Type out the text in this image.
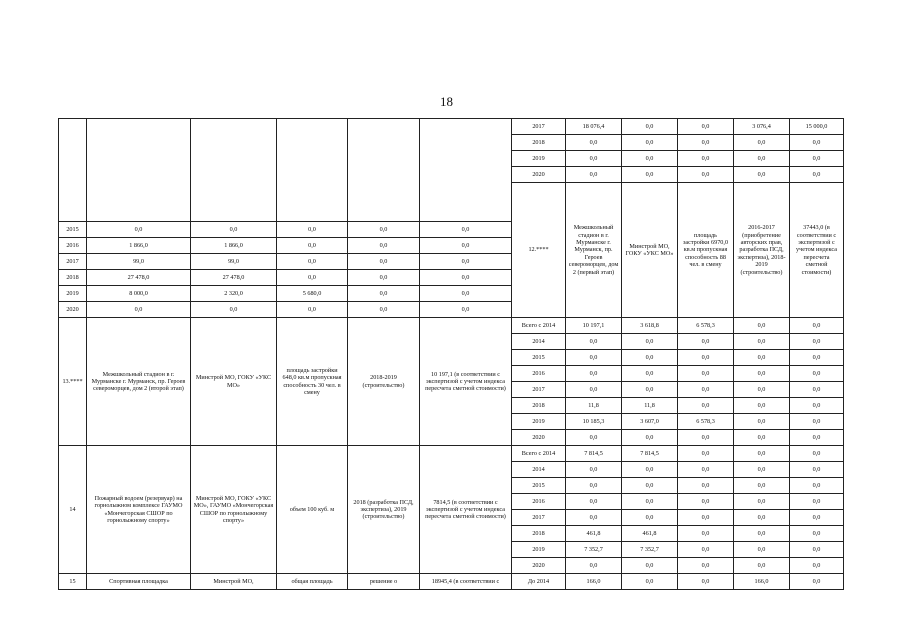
18
						2017	18 076,4	0,0	0,0	3 076,4	15 000,0	
						2018	0,0	0,0	0,0	0,0	0,0	
						2019	0,0	0,0	0,0	0,0	0,0	
						2020	0,0	0,0	0,0	0,0	0,0	
						12.****	Межшкольный стадион в г. Мурманске г. Мурманск, пр. Героев североморцев, дом 2 (первый этап)	Минстрой МО, ГОКУ «УКС МО»	площадь застройки 6970,0 кв.м пропускная способность 88 чел. в смену	2016-2017 (приобретение авторских прав, разработка ПСД, экспертиза), 2018-2019 (строительство)	37443,0 (в соответствии с экспертизой с учетом индекса пересчета сметной стоимости)						

2015	0,0	0,0	0,0	0,0	0,0							
2016	1 866,0	1 866,0	0,0	0,0	0,0							
2017	99,0	99,0	0,0	0,0	0,0							
2018	27 478,0	27 478,0	0,0	0,0	0,0							
2019	8 000,0	2 320,0	5 680,0	0,0	0,0							
2020	0,0	0,0	0,0	0,0	0,0							
13.****	Межшкольный стадион в г. Мурманске г. Мурманск, пр. Героев североморцев, дом 2 (второй этап)	Минстрой МО, ГОКУ «УКС МО»	площадь застройки 648,0 кв.м пропускная способность 30 чел. в смену	2018-2019 (строительство)	10 197,1 (в соответствии с экспертизой с учетом индекса пересчета сметной стоимости)	Всего с 2014	10 197,1	3 618,8	6 578,3	0,0	0,0	
						2014	0,0	0,0	0,0	0,0	0,0	
						2015	0,0	0,0	0,0	0,0	0,0	
						2016	0,0	0,0	0,0	0,0	0,0	
						2017	0,0	0,0	0,0	0,0	0,0	
						2018	11,8	11,8	0,0	0,0	0,0	
						2019	10 185,3	3 607,0	6 578,3	0,0	0,0	
						2020	0,0	0,0	0,0	0,0	0,0	
14	Пожарный водоем (резервуар) на горнолыжном комплексе ГАУМО «Мончегорская СШОР по горнолыжному спорту»	Минстрой МО, ГОКУ «УКС МО», ГАУМО «Мончегорская СШОР по горнолыжному спорту»	объем 100 куб. м	2018 (разработка ПСД, экспертиза), 2019 (строительство)	7814,5 (в соответствии с экспертизой с учетом индекса пересчета сметной стоимости)	Всего с 2014	7 814,5	7 814,5	0,0	0,0	0,0	
						2014	0,0	0,0	0,0	0,0	0,0	
						2015	0,0	0,0	0,0	0,0	0,0	
						2016	0,0	0,0	0,0	0,0	0,0	
						2017	0,0	0,0	0,0	0,0	0,0	
						2018	461,8	461,8	0,0	0,0	0,0	
						2019	7 352,7	7 352,7	0,0	0,0	0,0	
						2020	0,0	0,0	0,0	0,0	0,0	
15	Спортивная площадка	Минстрой МО,	общая площадь	решение о	18945,4 (в соответствии с	До 2014	166,0	0,0	0,0	166,0	0,0	
